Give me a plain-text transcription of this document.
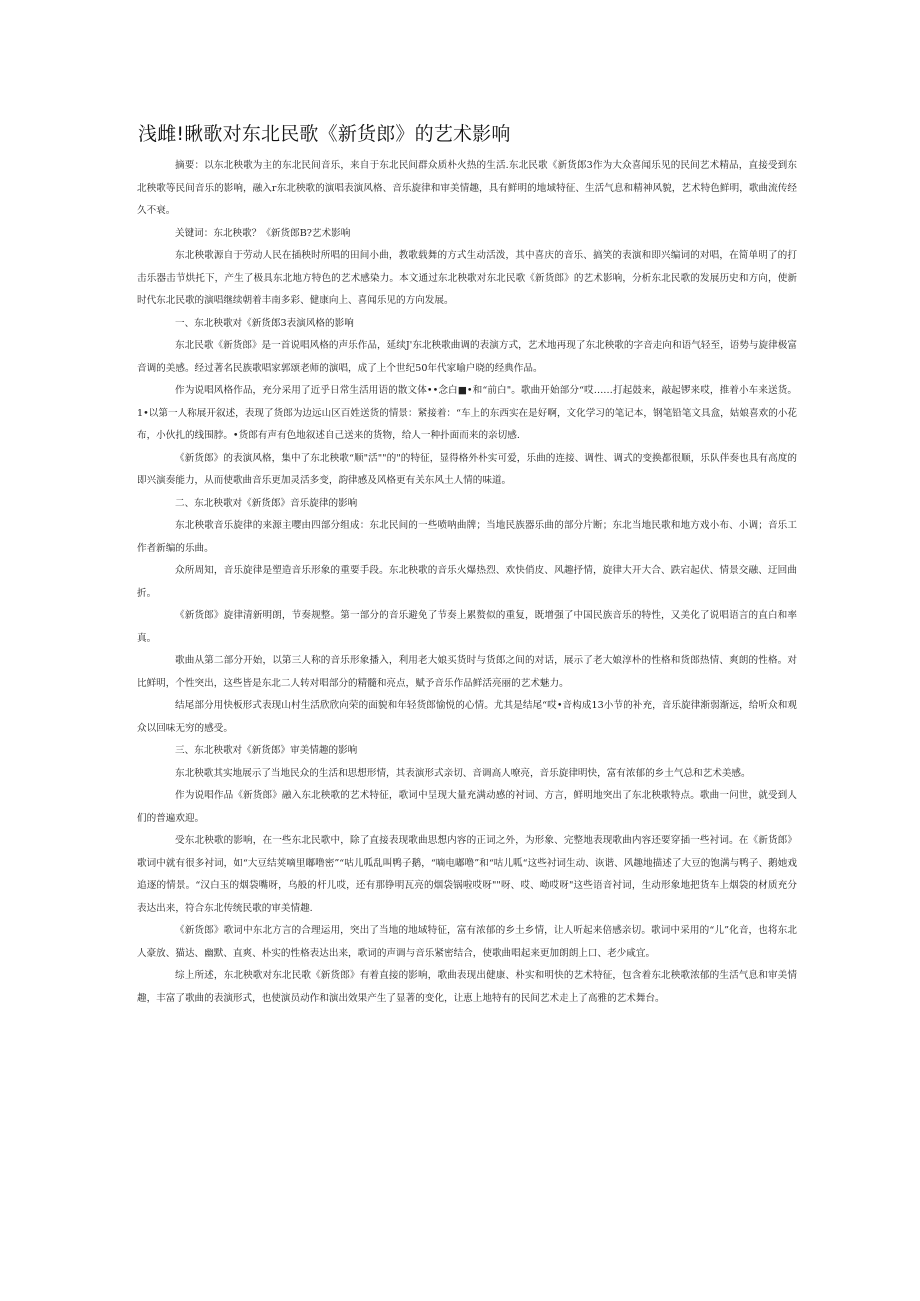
浅雌!瞅歌对东北民歌《新货郎》的艺术影响

摘要：以东北秧歌为主的东北民间音乐，来自于东北民间群众质朴火热的生活.东北民歌《新货郎3作为大众喜闻乐见的民间艺术精品，直接受到东北秧歌等民间音乐的影响，融入r东北秧歌的演唱表演风格、音乐旋律和审美情趣，具有鲜明的地域特征、生活气息和精神风貌，艺术特色鲜明，歌曲流传经久不衰。

关键词：东北秧歌？《新货郎B?艺术影响

东北秧歌源自于劳动人民在插秧时所唱的田间小曲，教歌载舞的方式生动活泼，其中喜庆的音乐、搞笑的表演和即兴编词的对唱，在简单明了的打击乐器击节烘托下，产生了极具东北地方特色的艺术感染力。本文通过东北秧歌对东北民歌《新货郎》的艺术影响，分析东北民歌的发展历史和方向，使新时代东北民歌的演唱继续朝着丰南多彩、健康向上、喜闻乐见的方向发展。

一、东北秧歌对《新货郎3表演风格的影响

东北民歌《新货郎》是一首说唱风格的声乐作品，延续J'东北秧歌曲调的表演方式，艺术地再现了东北秧歌的字音走向和语气轻至，语势与旋律极富音调的美感。经过著名民族歌唱家郭颂老师的演唱，成了上个世纪50年代家喻户晓的经典作品。

作为说唱风格作品，充分采用了近乎日常生活用语的散文体••念白■•和“前白"。歌曲开始部分“哎……打起鼓来，敲起锣来哎，推着小车来送货。1•以第一人称展开叙述，表现了货郎为边远山区百姓送货的情景：紧接着：“车上的东西实在是好啊，文化学习的笔记本，钢笔铅笔文具盒，姑娘喜欢的小花布，小伙扎的线围脖。•货郎有声有色地叙述自己送来的货物，给人一种扑面而来的亲切感.

《新货郎》的表演风格，集中了东北秧歌“顺"活""的"的特征，显得格外朴实可爱，乐曲的连接、调性、调式的变换都很顺，乐队伴奏也具有高度的即兴演奏能力，从而使歌曲音乐更加灵活多变，韵律感及风格更有关东风土人情的味道。

二、东北秧歌对《新货郎》音乐旋律的影响

东北秧歌音乐旋律的来源主嘤由四部分组成：东北民间的一些喷呐曲牌；当地民族器乐曲的部分片断；东北当地民歌和地方戏小布、小调；音乐工作者新编的乐曲。

众所周知，音乐旋律是塑造音乐形象的重要手段。东北秧歌的音乐火爆热烈、欢快俏皮、风趣抒情，旋律大开大合、跌宕起伏、情景交融、迂回曲折。

《新货郎》旋律清新明朗，节奏规整。第一部分的音乐避免了节奏上累赘似的重复，既增强了中国民族音乐的特性，又美化了说唱语言的直白和率真。

歌曲从第二部分开始，以第三人称的音乐形象播入，利用老大娘买货时与货郎之间的对话，展示了老大娘淳朴的性格和货郎热情、爽朗的性格。对比鲜明，个性突出，这些皆是东北二人转对唱部分的精髓和亮点，赋予音乐作品鲜活亮丽的艺术魅力。

结尾部分用快板形式表现山村生活欣欣向荣的面貌和年轻货郎愉悦的心情。尤其是结尾“哎•音构成13小节的补充，音乐旋律渐弱渐远，给听众和观众以回味无穷的感受。

三、东北秧歌对《新货郎》审美情趣的影响

东北秧歌其实地展示了当地民众的生活和思想形情，其表演形式亲切、音调高人嘹亮，音乐旋律明快，富有浓郁的乡土气总和艺术美感。

作为说唱作品《新货郎》融入东北秧歌的艺术特征，歌词中呈现大量充满动感的衬词、方言，鲜明地突出了东北秧歌特点。歌曲一问世，就受到人们的普遍欢迎。

受东北秧歌的影响，在一些东北民歌中，除了直接表现歌曲思想内容的正词之外，为形象、完整地表现歌曲内容还要穿插一些衬词。在《新货郎》歌词中就有很多衬词，如“大豆结荚嘀里嘟噜密”“咕儿呱乱叫鸭子鹅，“嘀电嘟噜”和“咕儿呱“这些衬词生动、诙谐、风趣地描述了大豆的饱满与鸭子、鹅她戏追逐的情景。“汉白玉的烟袋嘴呀，乌般的杆儿哎，还有那铮明瓦亮的烟袋锅啦哎呀""呀、哎、呦哎呀"这些语音衬词，生动形象地把货车上烟袋的材质充分表达出来，符合东北传统民歌的审美情趣.

《新货郎》歌词中东北方言的合理运用，突出了当地的地域特征，富有浓郁的乡土乡情，让人听起来倍感亲切。歌词中采用的“儿”化音，也将东北人豪放、猫达、幽默、直爽、朴实的性格表达出来，歌词的声调与音乐紧密结合，使歌曲唱起来更加朗朗上口、老少咸宜。

综上所述，东北秧歌对东北民歌《新货郎》有着直接的影响，歌曲表现出健康、朴实和明快的艺术特征，包含着东北秧歌浓郁的生活气息和审美情趣，丰富了歌曲的表演形式，也使演员动作和演出效果产生了显著的变化，让恵上地特有的民间艺术走上了高雅的艺术舞台。
